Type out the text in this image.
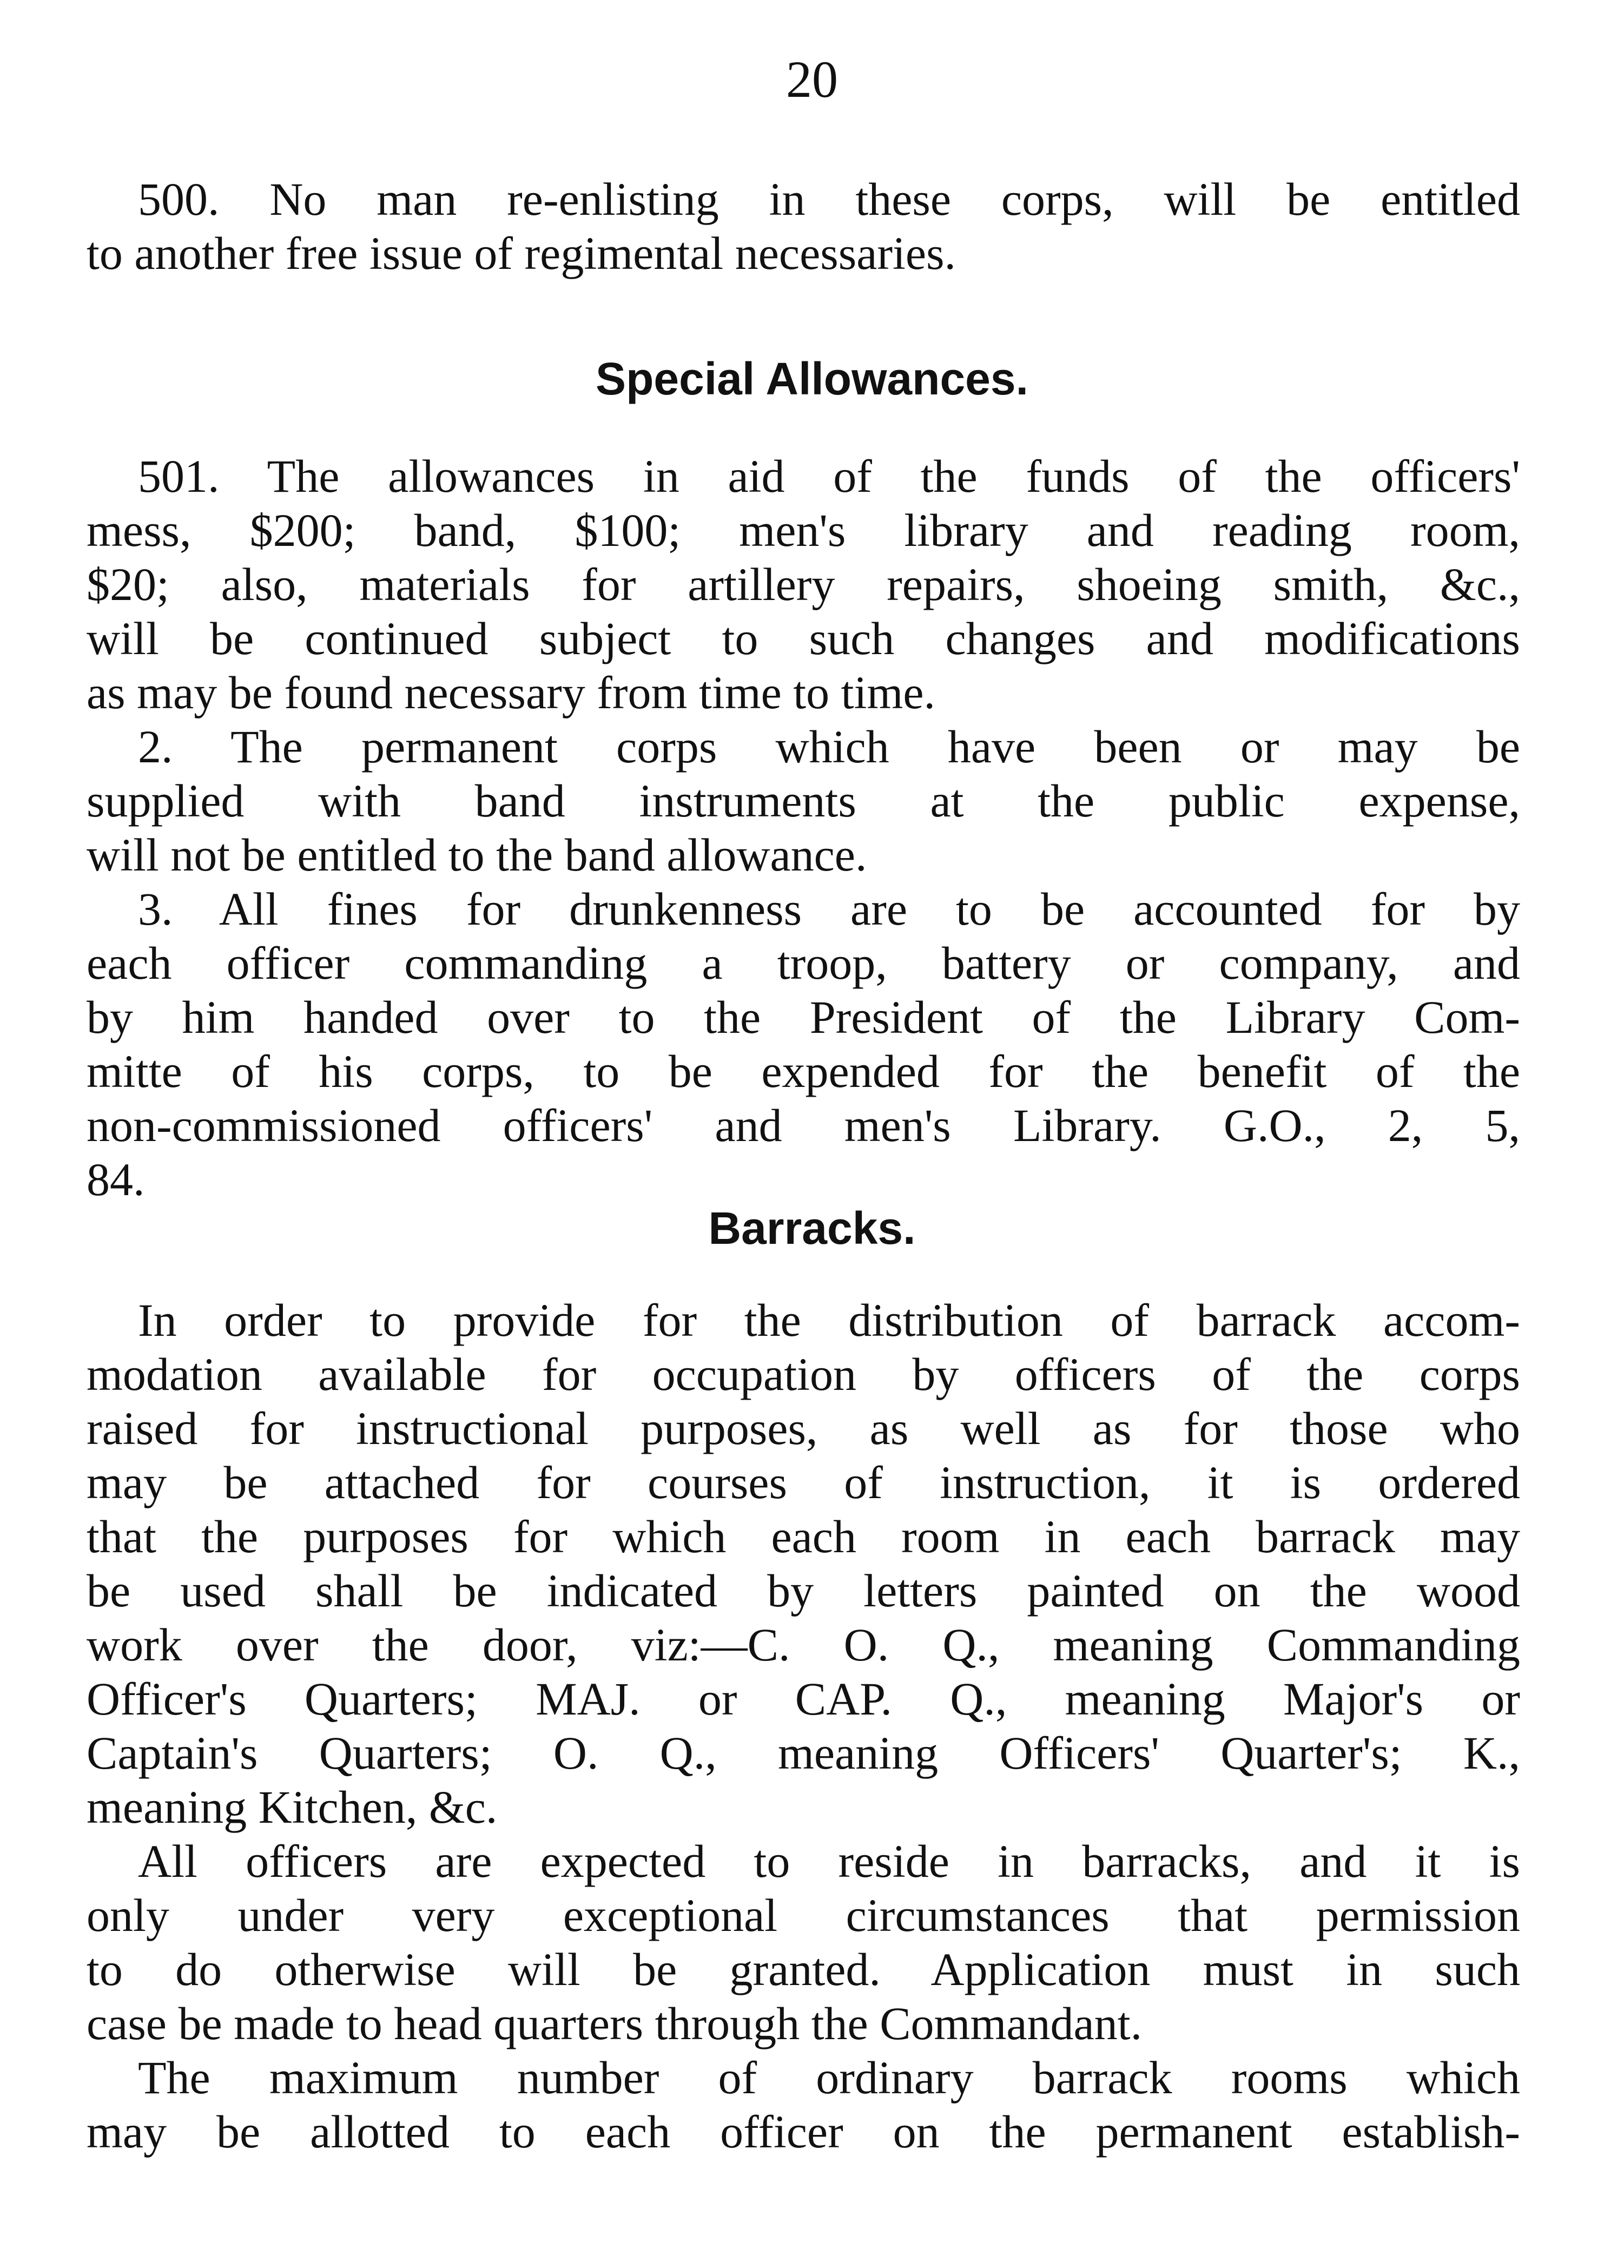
20
500. No man re-enlisting in these corps, will be entitled
to another free issue of regimental necessaries.
Special Allowances.
501. The allowances in aid of the funds of the officers'
mess, $200; band, $100; men's library and reading room,
$20; also, materials for artillery repairs, shoeing smith, &c.,
will be continued subject to such changes and modifications
as may be found necessary from time to time.
2. The permanent corps which have been or may be
supplied with band instruments at the public expense,
will not be entitled to the band allowance.
3. All fines for drunkenness are to be accounted for by
each officer commanding a troop, battery or company, and
by him handed over to the President of the Library Com-
mitte of his corps, to be expended for the benefit of the
non-commissioned officers' and men's Library. G.O., 2, 5,
84.
Barracks.
In order to provide for the distribution of barrack accom-
modation available for occupation by officers of the corps
raised for instructional purposes, as well as for those who
may be attached for courses of instruction, it is ordered
that the purposes for which each room in each barrack may
be used shall be indicated by letters painted on the wood
work over the door, viz:—C. O. Q., meaning Commanding
Officer's Quarters; MAJ. or CAP. Q., meaning Major's or
Captain's Quarters; O. Q., meaning Officers' Quarter's; K.,
meaning Kitchen, &c.
All officers are expected to reside in barracks, and it is
only under very exceptional circumstances that permission
to do otherwise will be granted. Application must in such
case be made to head quarters through the Commandant.
The maximum number of ordinary barrack rooms which
may be allotted to each officer on the permanent establish-
